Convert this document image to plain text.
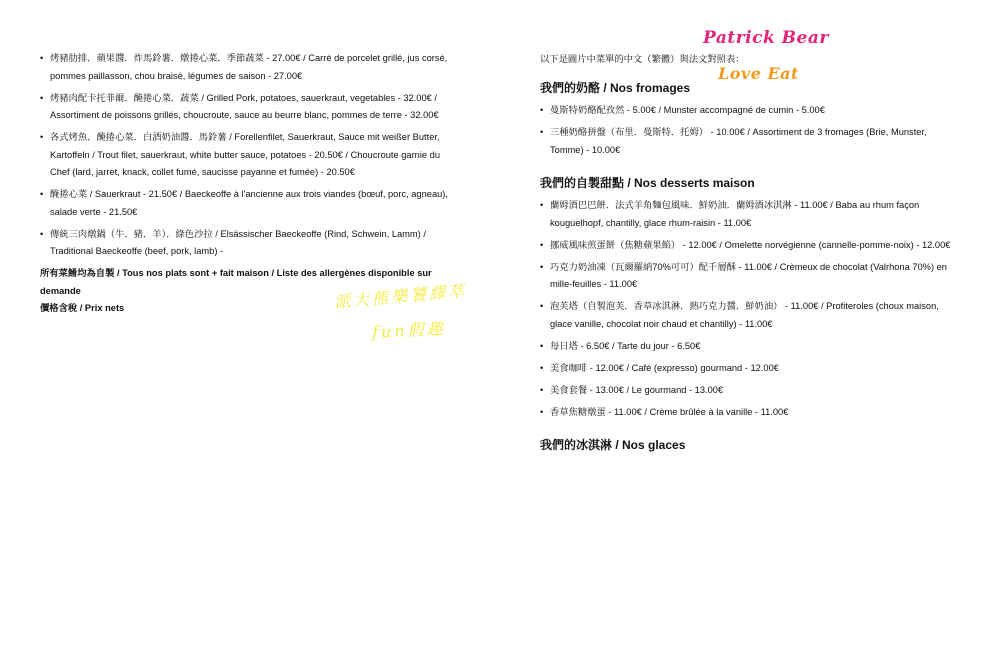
• 烤豬肋排．蘋果醬．炸馬鈴薯．燉捲心菜．季節蔬菜 - 27.00€ / Carré de porcelet grillé, jus corsé, pommes paillasson, chou braisé, légumes de saison - 27.00€
• 烤豬肉配卡托菲爾．醃捲心菜．蔬菜 / Grilled Pork, potatoes, sauerkraut, vegetables - 32.00€ / Assortiment de poissons grillés, choucroute, sauce au beurre blanc, pommes de terre - 32.00€
• 各式烤魚．醃捲心菜．白酒奶油醬．馬鈴薯 / Forellenfilet, Sauerkraut, Sauce mit weißer Butter, Kartoffeln / Trout filet, sauerkraut, white butter sauce, potatoes - 20.50€ / Choucroute garnie du Chef (lard, jarret, knack, collet fumé, saucisse payanne et fumée) - 20.50€
• 醃捲心菜 / Sauerkraut - 21.50€ / Baeckeoffe à l'ancienne aux trois viandes (bœuf, porc, agneau), salade verte - 21.50€
• 傳統三肉燉鍋（牛．豬．羊）．綠色沙拉 / Elsässischer Baeckeoffe (Rind, Schwein, Lamm) / Traditional Baeckeoffe (beef, pork, lamb) -
所有菜餚均為自製 / Tous nos plats sont + fait maison / Liste des allergènes disponible sur demande
價格含稅 / Prix nets

以下是圖片中菜單的中文（繁體）與法文對照表：

我們的奶酪 / Nos fromages
• 曼斯特奶酪配孜然 - 5.00€ / Munster accompagné de cumin - 5.00€
• 三種奶酪拼盤（布里．曼斯特．托姆） - 10.00€ / Assortiment de 3 fromages (Brie, Munster, Tomme) - 10.00€
我們的自製甜點 / Nos desserts maison
• 蘭姆酒巴巴餅．法式羊角麵包風味．鮮奶油．蘭姆酒冰淇淋 - 11.00€ / Baba au rhum façon kouguelhopf, chantilly, glace rhum-raisin - 11.00€
• 挪威風味煎蛋餅（焦糖蘋果餡） - 12.00€ / Omelette norvégienne (cannelle-pomme-noix) - 12.00€
• 巧克力奶油凍（瓦爾羅納70%可可）配千層酥 - 11.00€ / Crèmeux de chocolat (Valrhona 70%) en mille-feuilles - 11.00€
• 泡芙塔（自製泡芙．香草冰淇淋．熱巧克力醬．鮮奶油） - 11.00€ / Profiteroles (choux maison, glace vanille, chocolat noir chaud et chantilly) - 11.00€
• 每日塔 - 6.50€ / Tarte du jour - 6.50€
• 美食咖啡 - 12.00€ / Café (expresso) gourmand - 12.00€
• 美食套餐 - 13.00€ / Le gourmand - 13.00€
• 香草焦糖燉蛋 - 11.00€ / Crème brûlée à la vanille - 11.00€
我們的冰淇淋 / Nos glaces
Patrick Bear
Love Eat
派大熊樂饕繹萃
fun假趣
